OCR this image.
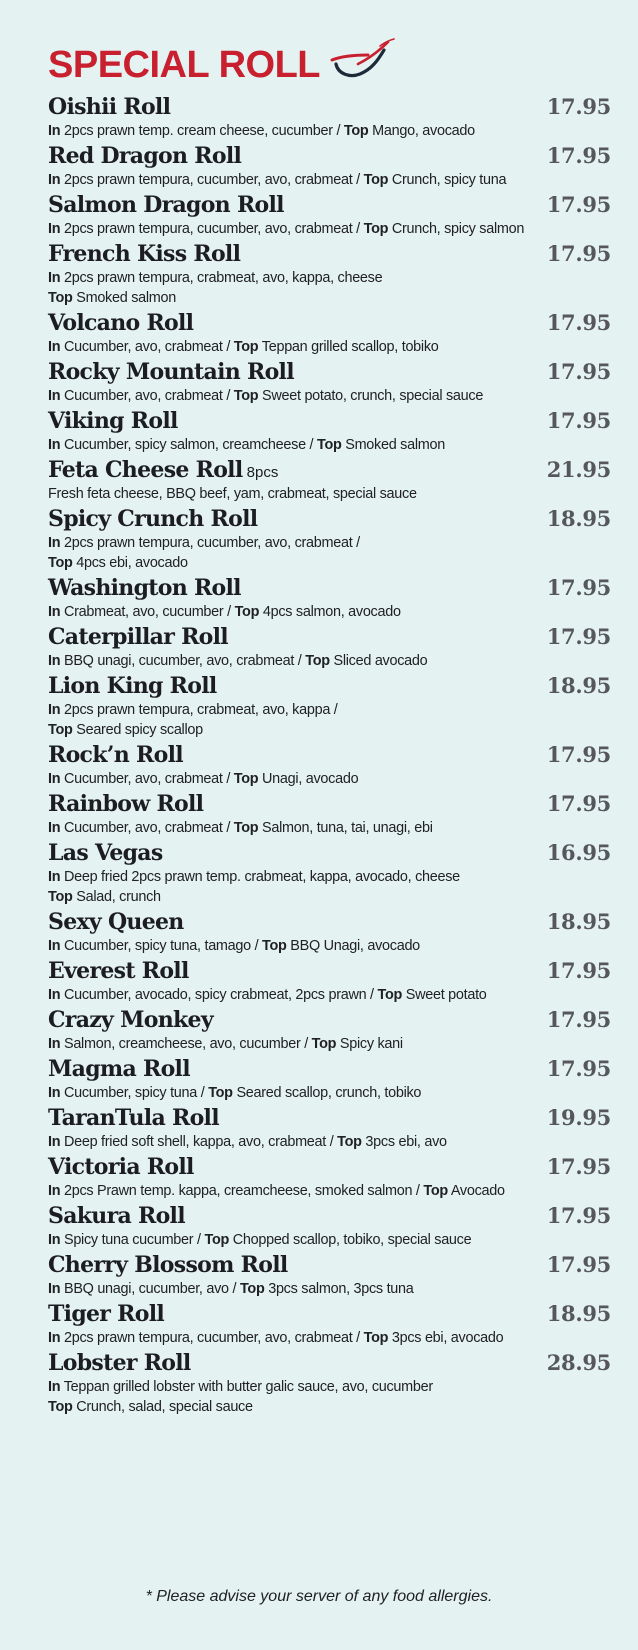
SPECIAL ROLL
Oishii Roll	17.95
In 2pcs prawn temp. cream cheese, cucumber / Top Mango, avocado
Red Dragon Roll	17.95
In 2pcs prawn tempura, cucumber, avo, crabmeat / Top Crunch, spicy tuna
Salmon Dragon Roll	17.95
In 2pcs prawn tempura, cucumber, avo, crabmeat / Top Crunch, spicy salmon
French Kiss Roll	17.95
In 2pcs prawn tempura, crabmeat, avo, kappa, cheese
Top Smoked salmon
Volcano Roll	17.95
In Cucumber, avo, crabmeat / Top Teppan grilled scallop, tobiko
Rocky Mountain Roll	17.95
In Cucumber, avo, crabmeat / Top Sweet potato, crunch, special sauce
Viking Roll	17.95
In Cucumber, spicy salmon, creamcheese / Top Smoked salmon
Feta Cheese Roll 8pcs	21.95
Fresh feta cheese, BBQ beef, yam, crabmeat, special sauce
Spicy Crunch Roll	18.95
In 2pcs prawn tempura, cucumber, avo, crabmeat /
Top 4pcs ebi, avocado
Washington Roll	17.95
In Crabmeat, avo, cucumber / Top 4pcs salmon, avocado
Caterpillar Roll	17.95
In BBQ unagi, cucumber, avo, crabmeat / Top Sliced avocado
Lion King Roll	18.95
In 2pcs prawn tempura, crabmeat, avo, kappa /
Top Seared spicy scallop
Rock’n Roll	17.95
In Cucumber, avo, crabmeat / Top Unagi, avocado
Rainbow Roll	17.95
In Cucumber, avo, crabmeat / Top Salmon, tuna, tai, unagi, ebi
Las Vegas	16.95
In Deep fried 2pcs prawn temp. crabmeat, kappa, avocado, cheese
Top Salad, crunch
Sexy Queen	18.95
In Cucumber, spicy tuna, tamago / Top BBQ Unagi, avocado
Everest Roll	17.95
In Cucumber, avocado, spicy crabmeat, 2pcs prawn / Top Sweet potato
Crazy Monkey	17.95
In Salmon, creamcheese, avo, cucumber / Top Spicy kani
Magma Roll	17.95
In Cucumber, spicy tuna / Top Seared scallop, crunch, tobiko
TaranTula Roll	19.95
In Deep fried soft shell, kappa, avo, crabmeat / Top 3pcs ebi, avo
Victoria Roll	17.95
In 2pcs Prawn temp. kappa, creamcheese, smoked salmon / Top Avocado
Sakura Roll	17.95
In Spicy tuna cucumber / Top Chopped scallop, tobiko, special sauce
Cherry Blossom Roll	17.95
In BBQ unagi, cucumber, avo / Top 3pcs salmon, 3pcs tuna
Tiger Roll	18.95
In 2pcs prawn tempura, cucumber, avo, crabmeat / Top 3pcs ebi, avocado
Lobster Roll	28.95
In Teppan grilled lobster with butter galic sauce, avo, cucumber
Top Crunch, salad, special sauce
* Please advise your server of any food allergies.
